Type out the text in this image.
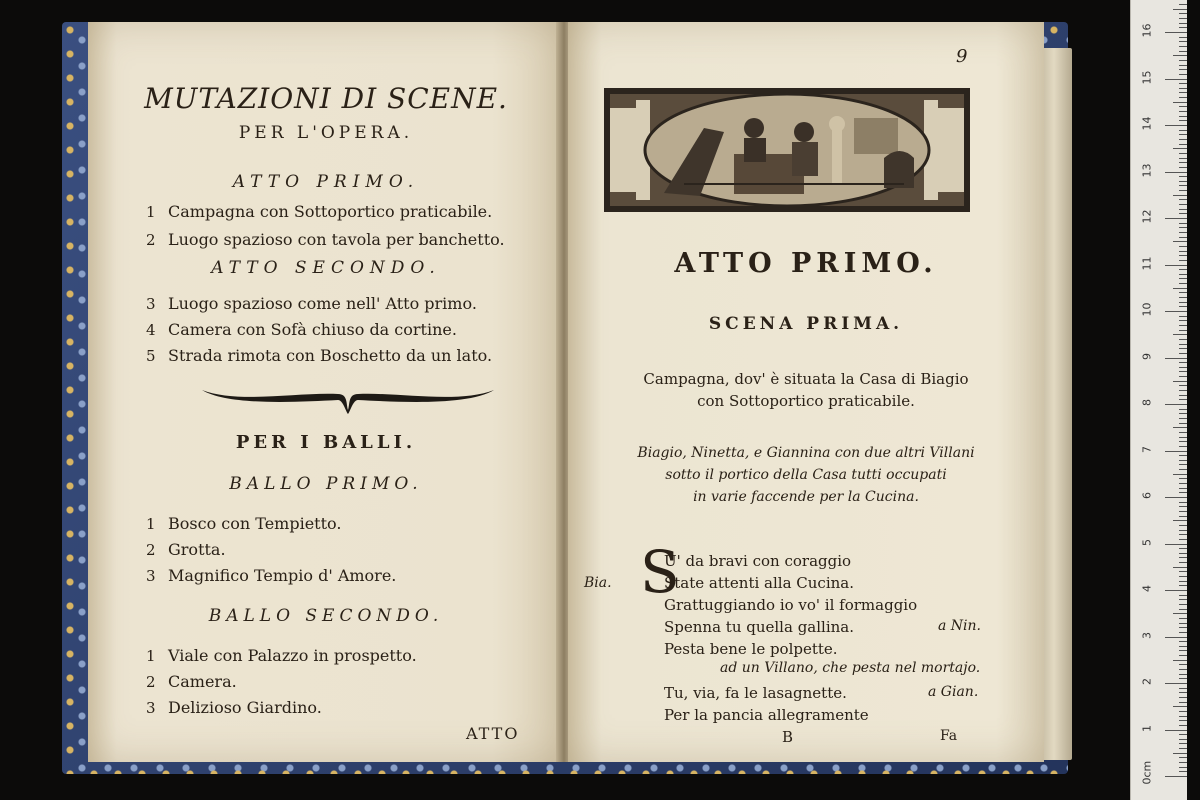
MUTAZIONI DI SCENE.
PER L'OPERA.
ATTO PRIMO.
1 Campagna con Sottoportico praticabile.
2 Luogo spazioso con tavola per banchetto.
ATTO SECONDO.
3 Luogo spazioso come nell' Atto primo.
4 Camera con Sofà chiuso da cortine.
5 Strada rimota con Boschetto da un lato.
PER I BALLI.
BALLO PRIMO.
1 Bosco con Tempietto.
2 Grotta.
3 Magnifico Tempio d' Amore.
BALLO SECONDO.
1 Viale con Palazzo in prospetto.
2 Camera.
3 Delizioso Giardino.
ATTO
9
ATTO PRIMO.
SCENA PRIMA.
Campagna, dov' è situata la Casa di Biagio
con Sottoportico praticabile.
Biagio, Ninetta, e Giannina con due altri Villani
sotto il portico della Casa tutti occupati
in varie faccende per la Cucina.
Bia. S
U' da bravi con coraggio
State attenti alla Cucina.
Grattuggiando io vo' il formaggio
Spenna tu quella gallina.	a Nin.
Pesta bene le polpette.
ad un Villano, che pesta nel mortajo.
Tu, via, fa le lasagnette.	a Gian.
Per la pancia allegramente
B	Fa
0cm
1
2
3
4
5
6
7
8
9
10
11
12
13
14
15
16
